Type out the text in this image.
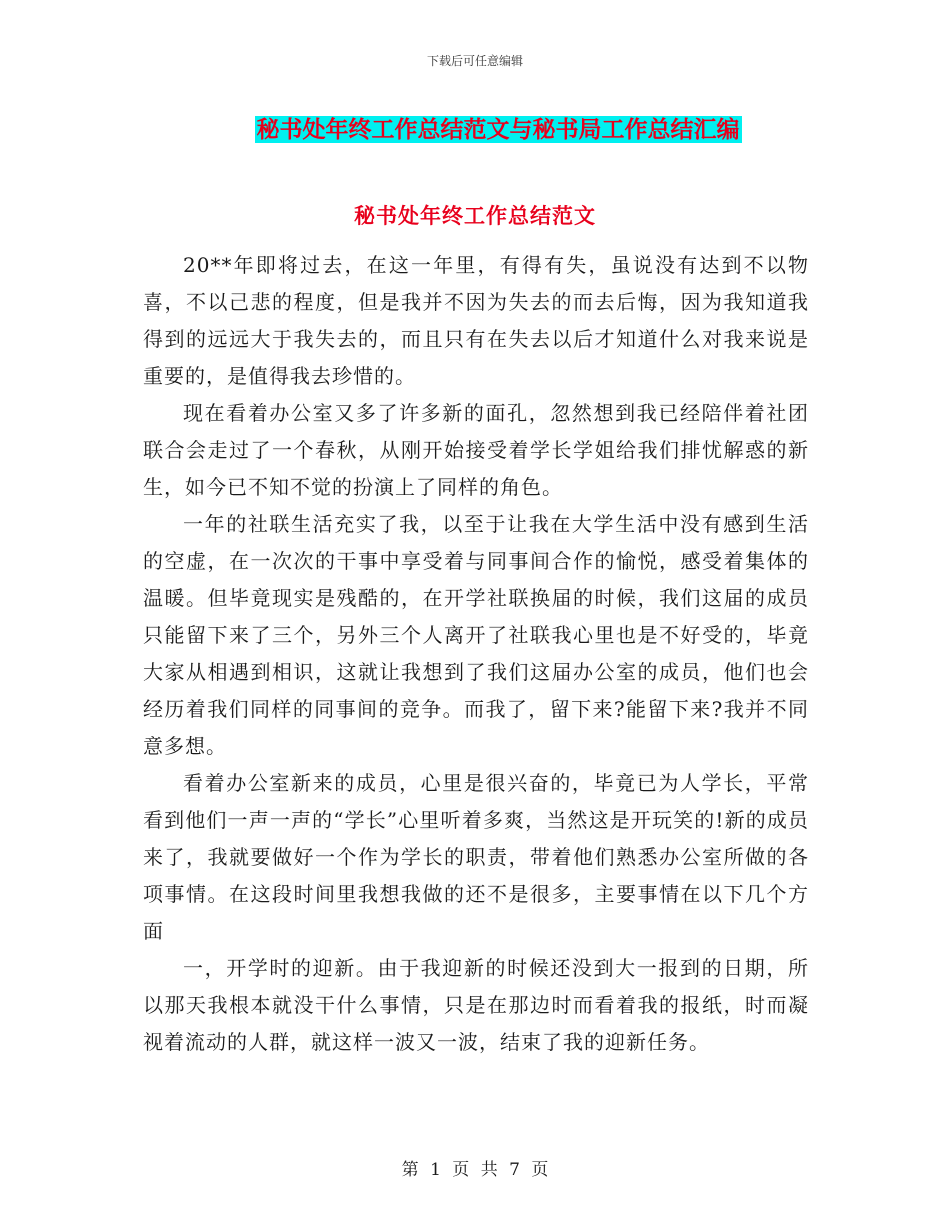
下载后可任意编辑
秘书处年终工作总结范文与秘书局工作总结汇编
秘书处年终工作总结范文

20**年即将过去，在这一年里，有得有失，虽说没有达到不以物喜，不以己悲的程度，但是我并不因为失去的而去后悔，因为我知道我得到的远远大于我失去的，而且只有在失去以后才知道什么对我来说是重要的，是值得我去珍惜的。

现在看着办公室又多了许多新的面孔，忽然想到我已经陪伴着社团联合会走过了一个春秋，从刚开始接受着学长学姐给我们排忧解惑的新生，如今已不知不觉的扮演上了同样的角色。

一年的社联生活充实了我，以至于让我在大学生活中没有感到生活的空虚，在一次次的干事中享受着与同事间合作的愉悦，感受着集体的温暖。但毕竟现实是残酷的，在开学社联换届的时候，我们这届的成员只能留下来了三个，另外三个人离开了社联我心里也是不好受的，毕竟大家从相遇到相识，这就让我想到了我们这届办公室的成员，他们也会经历着我们同样的同事间的竞争。而我了，留下来?能留下来?我并不同意多想。

看着办公室新来的成员，心里是很兴奋的，毕竟已为人学长，平常看到他们一声一声的“学长”心里听着多爽，当然这是开玩笑的!新的成员来了，我就要做好一个作为学长的职责，带着他们熟悉办公室所做的各项事情。在这段时间里我想我做的还不是很多，主要事情在以下几个方面

一，开学时的迎新。由于我迎新的时候还没到大一报到的日期，所以那天我根本就没干什么事情，只是在那边时而看着我的报纸，时而凝视着流动的人群，就这样一波又一波，结束了我的迎新任务。

第 1 页 共 7 页
